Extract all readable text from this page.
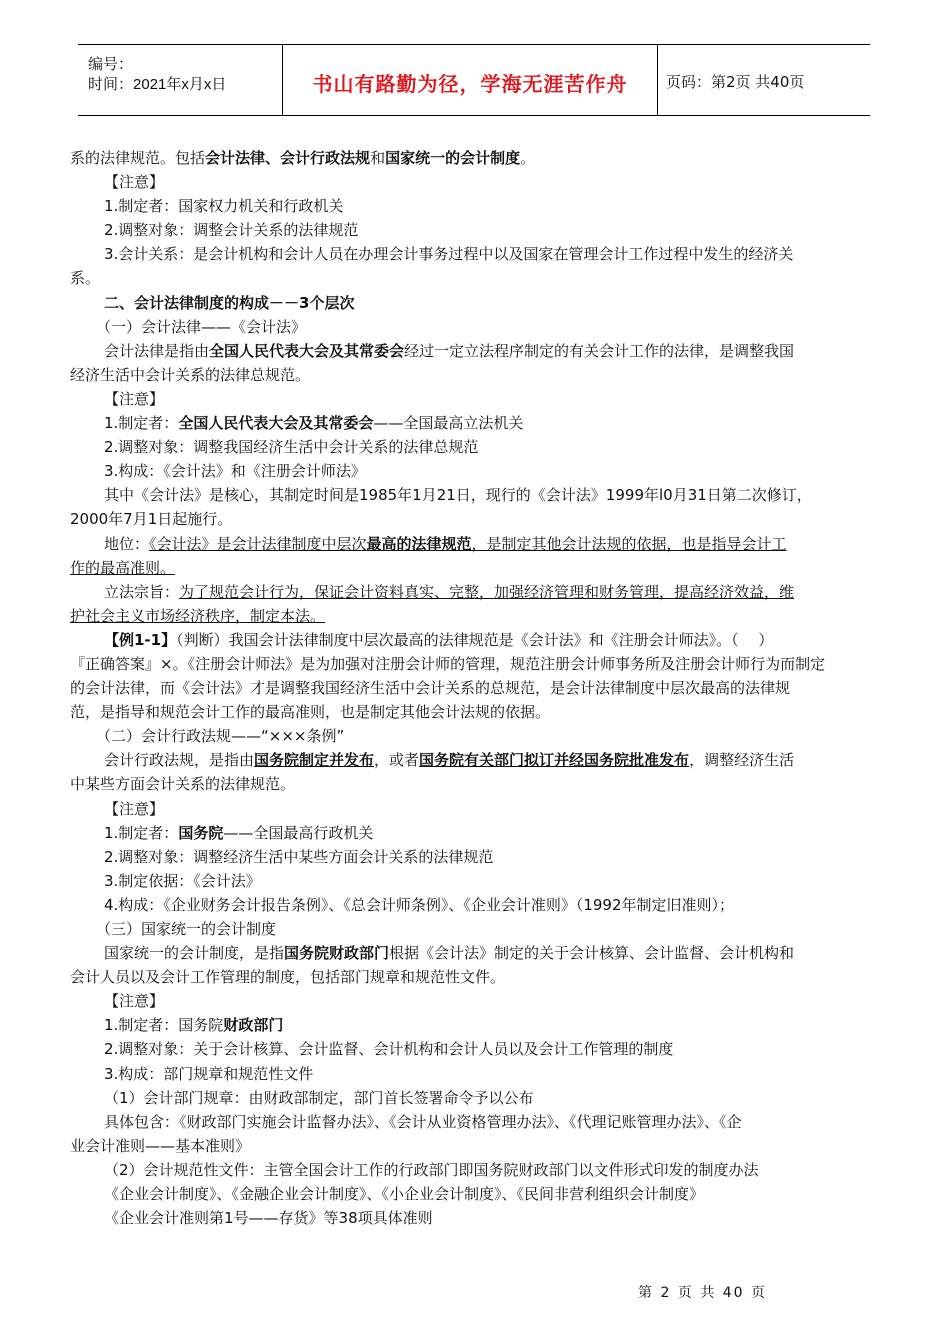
编号：
时间：2021年x月x日	书山有路勤为径，学海无涯苦作舟	页码：第2页 共40页

系的法律规范。包括会计法律、会计行政法规和国家统一的会计制度。

【注意】

1.制定者：国家权力机关和行政机关

2.调整对象：调整会计关系的法律规范

3.会计关系：是会计机构和会计人员在办理会计事务过程中以及国家在管理会计工作过程中发生的经济关

系。

二、会计法律制度的构成－－3个层次

（一）会计法律——《会计法》

会计法律是指由全国人民代表大会及其常委会经过一定立法程序制定的有关会计工作的法律，是调整我国

经济生活中会计关系的法律总规范。

【注意】

1.制定者：全国人民代表大会及其常委会——全国最高立法机关

2.调整对象：调整我国经济生活中会计关系的法律总规范

3.构成：《会计法》和《注册会计师法》

其中《会计法》是核心，其制定时间是1985年1月21日，现行的《会计法》1999年l0月31日第二次修订，

2000年7月1日起施行。

地位：《会计法》是会计法律制度中层次最高的法律规范，是制定其他会计法规的依据，也是指导会计工

作的最高准则。

立法宗旨：为了规范会计行为，保证会计资料真实、完整，加强经济管理和财务管理，提高经济效益，维

护社会主义市场经济秩序，制定本法。

【例1-1】（判断）我国会计法律制度中层次最高的法律规范是《会计法》和《注册会计师法》。（　 ）

『正确答案』×。《注册会计师法》是为加强对注册会计师的管理，规范注册会计师事务所及注册会计师行为而制定

的会计法律，而《会计法》才是调整我国经济生活中会计关系的总规范，是会计法律制度中层次最高的法律规

范，是指导和规范会计工作的最高准则，也是制定其他会计法规的依据。

（二）会计行政法规——“×××条例”

会计行政法规，是指由国务院制定并发布，或者国务院有关部门拟订并经国务院批准发布，调整经济生活

中某些方面会计关系的法律规范。

【注意】

1.制定者：国务院——全国最高行政机关

2.调整对象：调整经济生活中某些方面会计关系的法律规范

3.制定依据：《会计法》

4.构成：《企业财务会计报告条例》、《总会计师条例》、《企业会计准则》（1992年制定旧准则）；

（三）国家统一的会计制度

国家统一的会计制度，是指国务院财政部门根据《会计法》制定的关于会计核算、会计监督、会计机构和

会计人员以及会计工作管理的制度，包括部门规章和规范性文件。

【注意】

1.制定者：国务院财政部门

2.调整对象：关于会计核算、会计监督、会计机构和会计人员以及会计工作管理的制度

3.构成：部门规章和规范性文件

（1）会计部门规章：由财政部制定，部门首长签署命令予以公布

具体包含：《财政部门实施会计监督办法》、《会计从业资格管理办法》、《代理记账管理办法》、《企

业会计准则——基本准则》

（2）会计规范性文件：主管全国会计工作的行政部门即国务院财政部门以文件形式印发的制度办法

《企业会计制度》、《金融企业会计制度》、《小企业会计制度》、《民间非营利组织会计制度》

《企业会计准则第1号——存货》等38项具体准则

第 2 页 共 40 页
